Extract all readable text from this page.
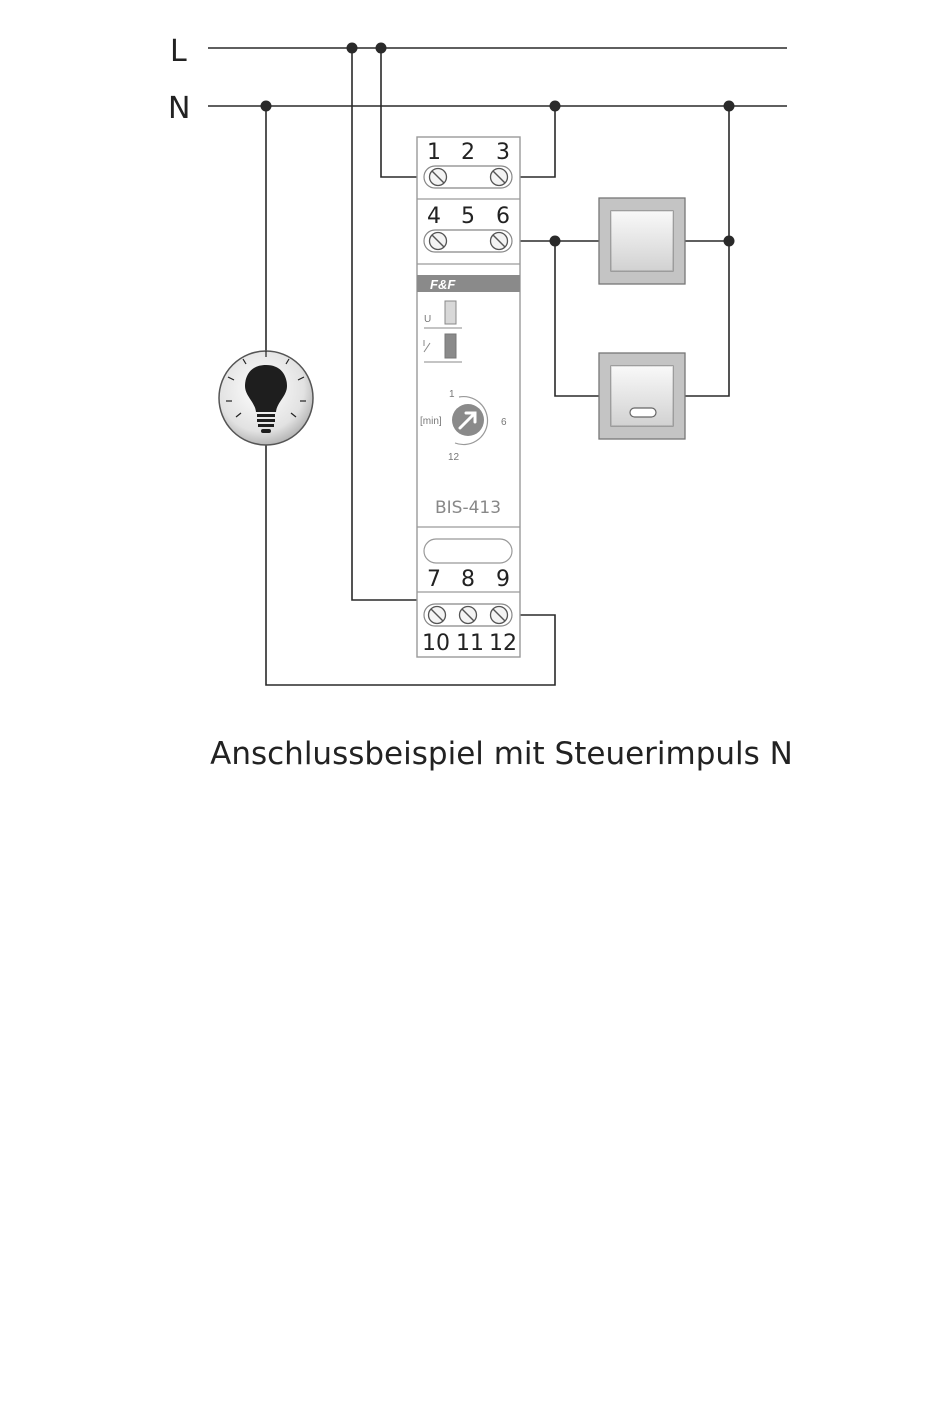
L
N
1 2 3
4 5 6
F&F
U
1
6
12
[min]
BIS-413
7 8 9
10 11 12
Anschlussbeispiel mit Steuerimpuls N
